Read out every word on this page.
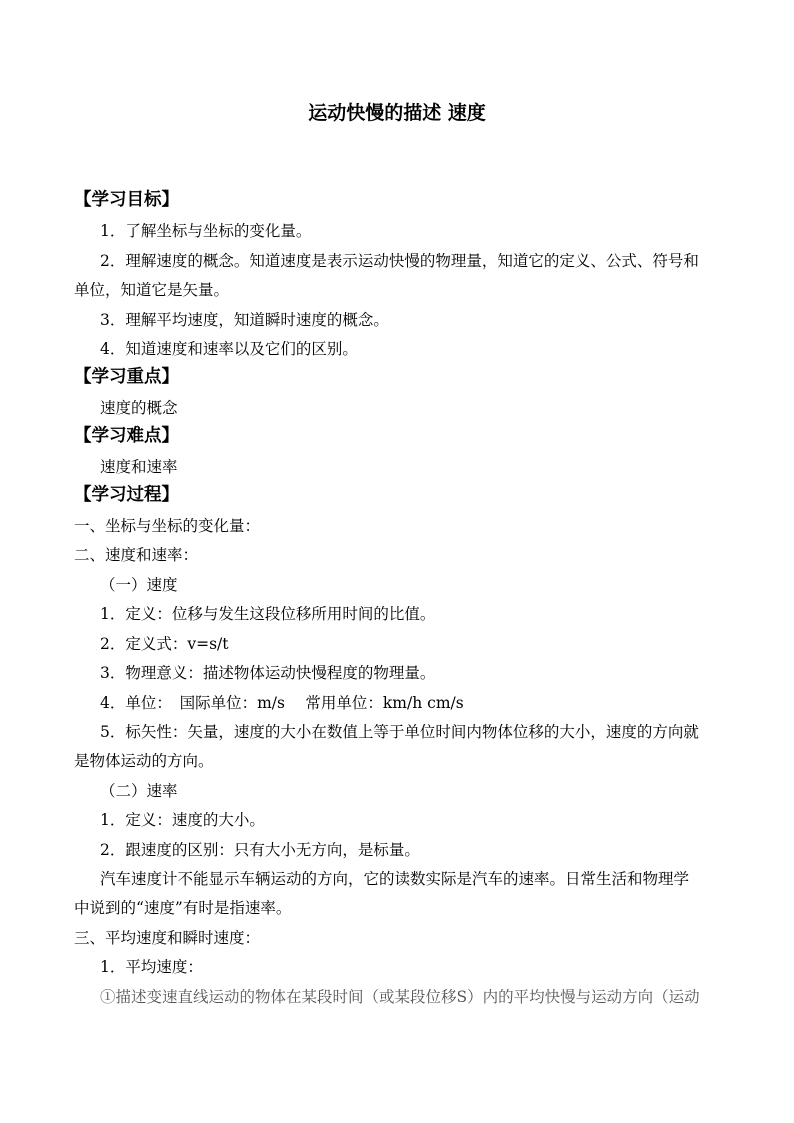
运动快慢的描述 速度
【学习目标】
1．了解坐标与坐标的变化量。
2．理解速度的概念。知道速度是表示运动快慢的物理量，知道它的定义、公式、符号和
单位，知道它是矢量。
3．理解平均速度，知道瞬时速度的概念。
4．知道速度和速率以及它们的区别。
【学习重点】
速度的概念
【学习难点】
速度和速率
【学习过程】
一、坐标与坐标的变化量：
二、速度和速率：
（一）速度
1．定义：位移与发生这段位移所用时间的比值。
2．定义式：v=s/t
3．物理意义：描述物体运动快慢程度的物理量。
4．单位：　国际单位：m/s　 常用单位：km/h cm/s
5．标矢性：矢量，速度的大小在数值上等于单位时间内物体位移的大小，速度的方向就
是物体运动的方向。
（二）速率
1．定义：速度的大小。
2．跟速度的区别：只有大小无方向，是标量。
汽车速度计不能显示车辆运动的方向，它的读数实际是汽车的速率。日常生活和物理学
中说到的“速度”有时是指速率。
三、平均速度和瞬时速度：
1．平均速度：
①描述变速直线运动的物体在某段时间（或某段位移S）内的平均快慢与运动方向（运动
